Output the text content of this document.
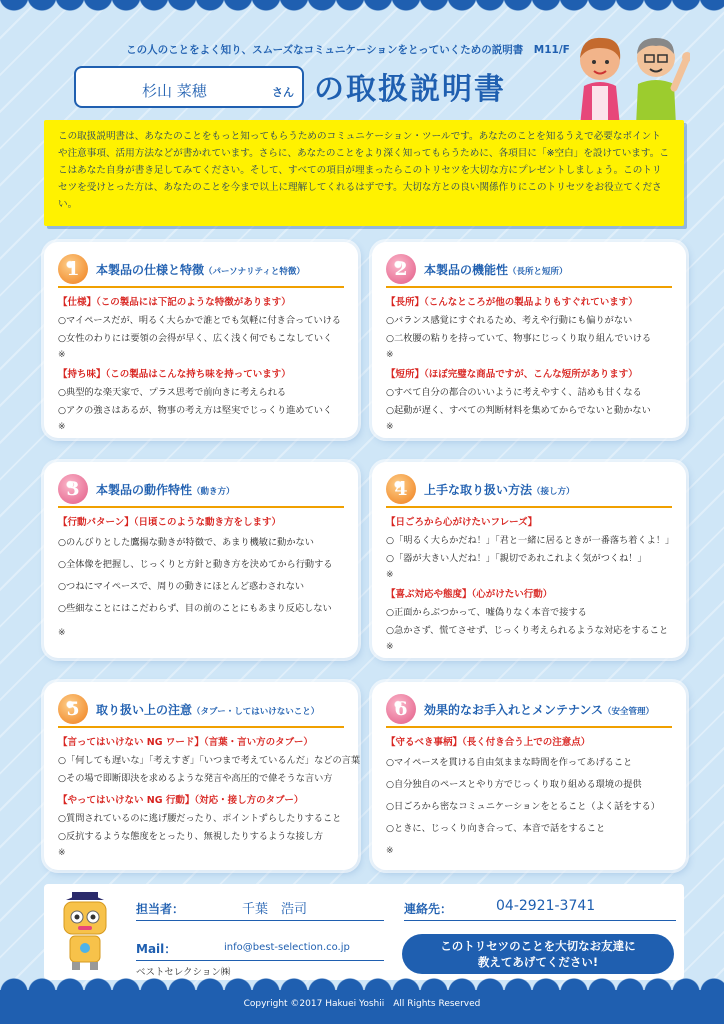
この人のことをよく知り、スムーズなコミュニケーションをとっていくための説明書　M11/F
杉山 菜穂	さん の取扱説明書
この取扱説明書は、あなたのことをもっと知ってもらうためのコミュニケーション・ツールです。あなたのことを知るうえで必要なポイントや注意事項、活用方法などが書かれています。さらに、あなたのことをより深く知ってもらうために、各項目に「※空白」を設けています。ここはあなた自身が書き足してみてください。そして、すべての項目が埋まったらこのトリセツを大切な方にプレゼントしましょう。このトリセツを受けとった方は、あなたのことを今まで以上に理解してくれるはずです。大切な方との良い関係作りにこのトリセツをお役立てください。
1	本製品の仕様と特徴（パーソナリティと特徴）
【仕様】（この製品には下記のような特徴があります）
○マイペースだが、明るく大らかで誰とでも気軽に付き合っていける
○女性のわりには要領の会得が早く、広く浅く何でもこなしていく
※
【持ち味】（この製品はこんな持ち味を持っています）
○典型的な楽天家で、プラス思考で前向きに考えられる
○アクの強さはあるが、物事の考え方は堅実でじっくり進めていく
※
2	本製品の機能性（長所と短所）
【長所】（こんなところが他の製品よりもすぐれています）
○バランス感覚にすぐれるため、考えや行動にも偏りがない
○二枚腰の粘りを持っていて、物事にじっくり取り組んでいける
※
【短所】（ほぼ完璧な商品ですが、こんな短所があります）
○すべて自分の都合のいいように考えやすく、詰めも甘くなる
○起動が遅く、すべての判断材料を集めてからでないと動かない
※
3	本製品の動作特性（動き方）
【行動パターン】（日頃このような動き方をします）
○のんびりとした鷹揚な動きが特徴で、あまり機敏に動かない
○全体像を把握し、じっくりと方針と動き方を決めてから行動する
○つねにマイペースで、周りの動きにほとんど惑わされない
○些細なことにはこだわらず、目の前のことにもあまり反応しない
※
4	上手な取り扱い方法（接し方）
【日ごろから心がけたいフレーズ】
○「明るく大らかだね！」「君と一緒に居るときが一番落ち着くよ！」
○「器が大きい人だね！」「親切であれこれよく気がつくね！」
※
【喜ぶ対応や態度】（心がけたい行動）
○正面からぶつかって、嘘偽りなく本音で接する
○急かさず、慌てさせず、じっくり考えられるような対応をすること
※
5	取り扱い上の注意（タブー・してはいけないこと）
【言ってはいけない NG ワード】（言葉・言い方のタブー）
○「何しても遅いな」「考えすぎ」「いつまで考えているんだ」などの言葉
○その場で即断即決を求めるような発言や高圧的で偉そうな言い方
【やってはいけない NG 行動】（対応・接し方のタブー）
○質問されているのに逃げ腰だったり、ポイントずらしたりすること
○反抗するような態度をとったり、無視したりするような接し方
※
6	効果的なお手入れとメンテナンス（安全管理）
【守るべき事柄】（長く付き合う上での注意点）
○マイペースを貫ける自由気ままな時間を作ってあげること
○自分独自のペースとやり方でじっくり取り組める環境の提供
○日ごろから密なコミュニケーションをとること（よく話をする）
○ときに、じっくり向き合って、本音で話をすること
※
担当者：	千葉　浩司	連絡先：	04-2921-3741
Mail：	info@best-selection.co.jp
ベストセレクション㈱
このトリセツのことを大切なお友達に
教えてあげてください!
Copyright ©2017 Hakuei Yoshii　All Rights Reserved
